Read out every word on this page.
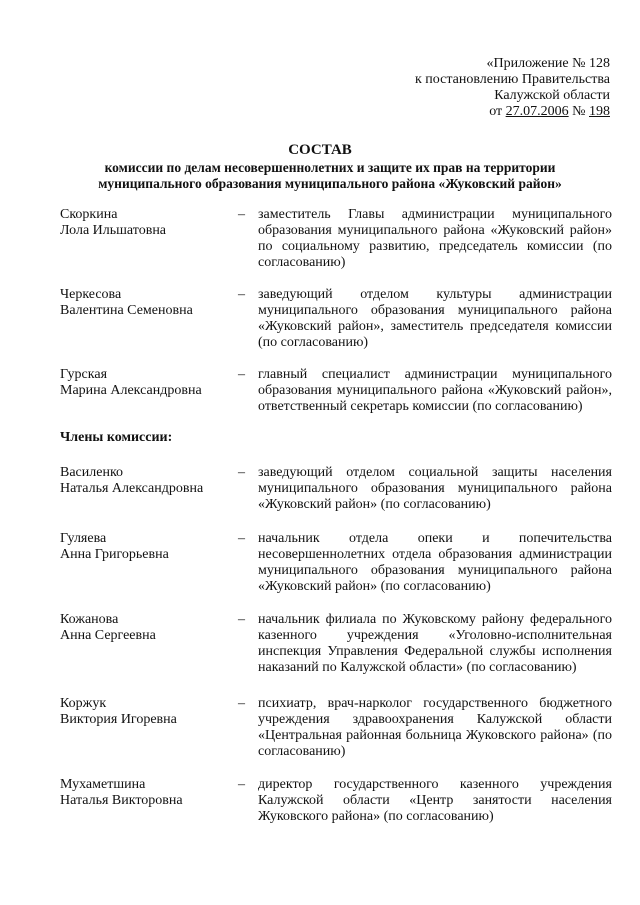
«Приложение № 128
к постановлению Правительства
Калужской области
от 27.07.2006 № 198
СОСТАВ
комиссии по делам несовершеннолетних и защите их прав на территории муниципального образования муниципального района «Жуковский район»
Скоркина
Лола Ильшатовна
– заместитель Главы администрации муниципального образования муниципального района «Жуковский район» по социальному развитию, председатель комиссии (по согласованию)
Черкесова
Валентина Семеновна
– заведующий отделом культуры администрации муниципального образования муниципального района «Жуковский район», заместитель председателя комиссии (по согласованию)
Гурская
Марина Александровна
– главный специалист администрации муниципального образования муниципального района «Жуковский район», ответственный секретарь комиссии (по согласованию)
Члены комиссии:
Василенко
Наталья Александровна
– заведующий отделом социальной защиты населения муниципального образования муниципального района «Жуковский район» (по согласованию)
Гуляева
Анна Григорьевна
– начальник отдела опеки и попечительства несовершеннолетних отдела образования администрации муниципального образования муниципального района «Жуковский район» (по согласованию)
Кожанова
Анна Сергеевна
– начальник филиала по Жуковскому району федерального казенного учреждения «Уголовно-исполнительная инспекция Управления Федеральной службы исполнения наказаний по Калужской области» (по согласованию)
Коржук
Виктория Игоревна
– психиатр, врач-нарколог государственного бюджетного учреждения здравоохранения Калужской области «Центральная районная больница Жуковского района» (по согласованию)
Мухаметшина
Наталья Викторовна
– директор государственного казенного учреждения Калужской области «Центр занятости населения Жуковского района» (по согласованию)
